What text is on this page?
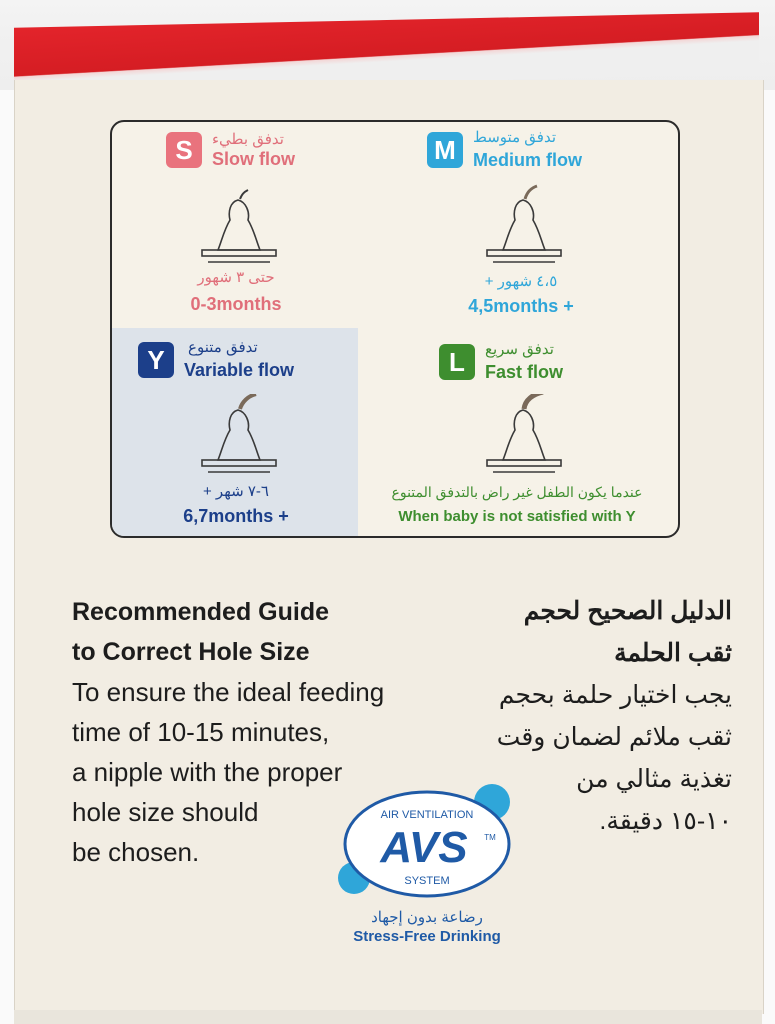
S	تدفق بطيء
Slow flow
حتى ٣ شهور
0-3months
M	تدفق متوسط
Medium flow
٤،٥ شهور +
4,5months +
Y	تدفق متنوع
Variable flow
٦-٧ شهر +
6,7months +
L	تدفق سريع
Fast flow
عندما يكون الطفل غير راض بالتدفق المتنوع
When baby is not satisfied with Y
Recommended Guide
to Correct Hole Size
To ensure the ideal feeding
time of 10-15 minutes,
a nipple with the proper
hole size should
be chosen.
الدليل الصحيح لحجم
ثقب الحلمة
يجب اختيار حلمة بحجم
ثقب ملائم لضمان وقت
تغذية مثالي من
١٠-١٥ دقيقة.
AIR VENTILATION
AVS TM
SYSTEM
رضاعة بدون إجهاد
Stress-Free Drinking
